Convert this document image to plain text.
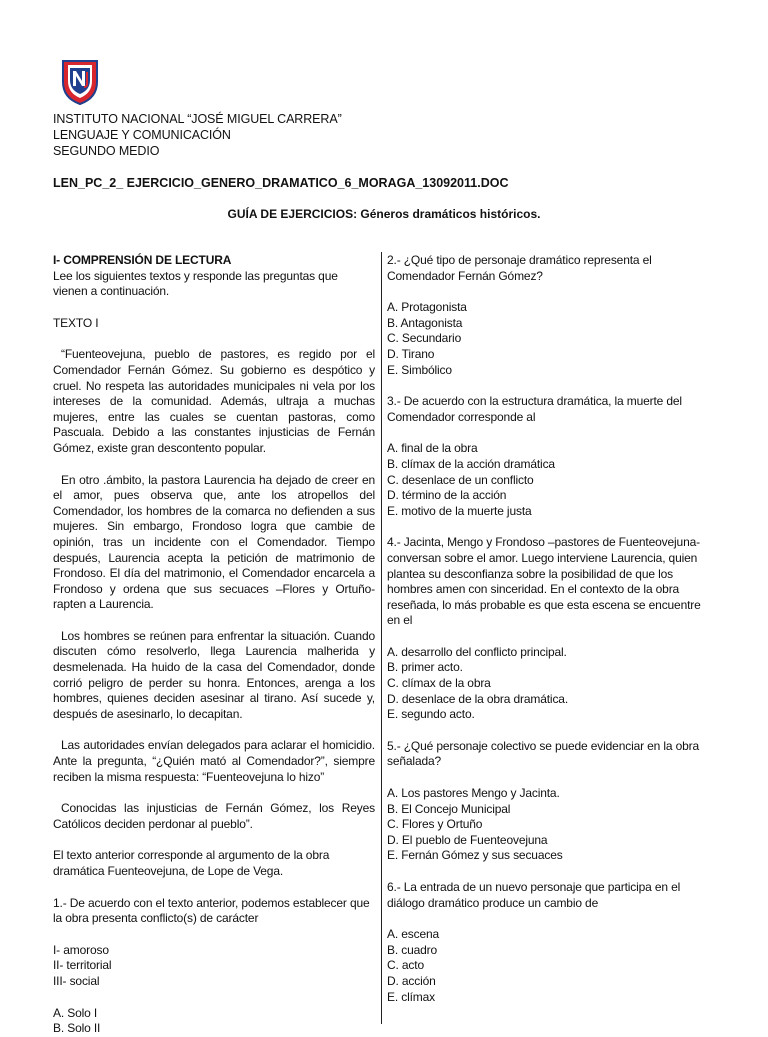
INSTITUTO NACIONAL “JOSÉ MIGUEL CARRERA”
LENGUAJE Y COMUNICACIÓN
SEGUNDO MEDIO
LEN_PC_2_ EJERCICIO_GENERO_DRAMATICO_6_MORAGA_13092011.DOC
GUÍA DE EJERCICIOS: Géneros dramáticos históricos.
I- COMPRENSIÓN DE LECTURA
Lee los siguientes textos y responde las preguntas que vienen a continuación.
TEXTO I
“Fuenteovejuna, pueblo de pastores, es regido por el Comendador Fernán Gómez. Su gobierno es despótico y cruel. No respeta las autoridades municipales ni vela por los intereses de la comunidad. Además, ultraja a muchas mujeres, entre las cuales se cuentan pastoras, como Pascuala. Debido a las constantes injusticias de Fernán Gómez, existe gran descontento popular.
En otro .ámbito, la pastora Laurencia ha dejado de creer en el amor, pues observa que, ante los atropellos del Comendador, los hombres de la comarca no defienden a sus mujeres. Sin embargo, Frondoso logra que cambie de opinión, tras un incidente con el Comendador. Tiempo después, Laurencia acepta la petición de matrimonio de Frondoso. El día del matrimonio, el Comendador encarcela a Frondoso y ordena que sus secuaces –Flores y Ortuño- rapten a Laurencia.
Los hombres se reúnen para enfrentar la situación. Cuando discuten cómo resolverlo, llega Laurencia malherida y desmelenada. Ha huido de la casa del Comendador, donde corrió peligro de perder su honra. Entonces, arenga a los hombres, quienes deciden asesinar al tirano. Así sucede y, después de asesinarlo, lo decapitan.
Las autoridades envían delegados para aclarar el homicidio. Ante la pregunta, “¿Quién mató al Comendador?”, siempre reciben la misma respuesta: “Fuenteovejuna lo hizo”
Conocidas las injusticias de Fernán Gómez, los Reyes Católicos deciden perdonar al pueblo”.
El texto anterior corresponde al argumento de la obra dramática Fuenteovejuna, de Lope de Vega.
1.- De acuerdo con el texto anterior, podemos establecer que la obra presenta conflicto(s) de carácter
I- amoroso
II- territorial
III- social
A. Solo I
B. Solo II
2.- ¿Qué tipo de personaje dramático representa el Comendador Fernán Gómez?
A. Protagonista
B. Antagonista
C. Secundario
D. Tirano
E. Simbólico
3.- De acuerdo con la estructura dramática, la muerte del Comendador corresponde al
A. final de la obra
B. clímax de la acción dramática
C. desenlace de un conflicto
D. término de la acción
E. motivo de la muerte justa
4.- Jacinta, Mengo y Frondoso –pastores de Fuenteovejuna- conversan sobre el amor. Luego interviene Laurencia, quien plantea su desconfianza sobre la posibilidad de que los hombres amen con sinceridad. En el contexto de la obra reseñada, lo más probable es que esta escena se encuentre en el
A. desarrollo del conflicto principal.
B. primer acto.
C. clímax de la obra
D. desenlace de la obra dramática.
E. segundo acto.
5.- ¿Qué personaje colectivo se puede evidenciar en la obra señalada?
A. Los pastores Mengo y Jacinta.
B. El Concejo Municipal
C. Flores y Ortuño
D. El pueblo de Fuenteovejuna
E. Fernán Gómez y sus secuaces
6.- La entrada de un nuevo personaje que participa en el diálogo dramático produce un cambio de
A. escena
B. cuadro
C. acto
D. acción
E. clímax
